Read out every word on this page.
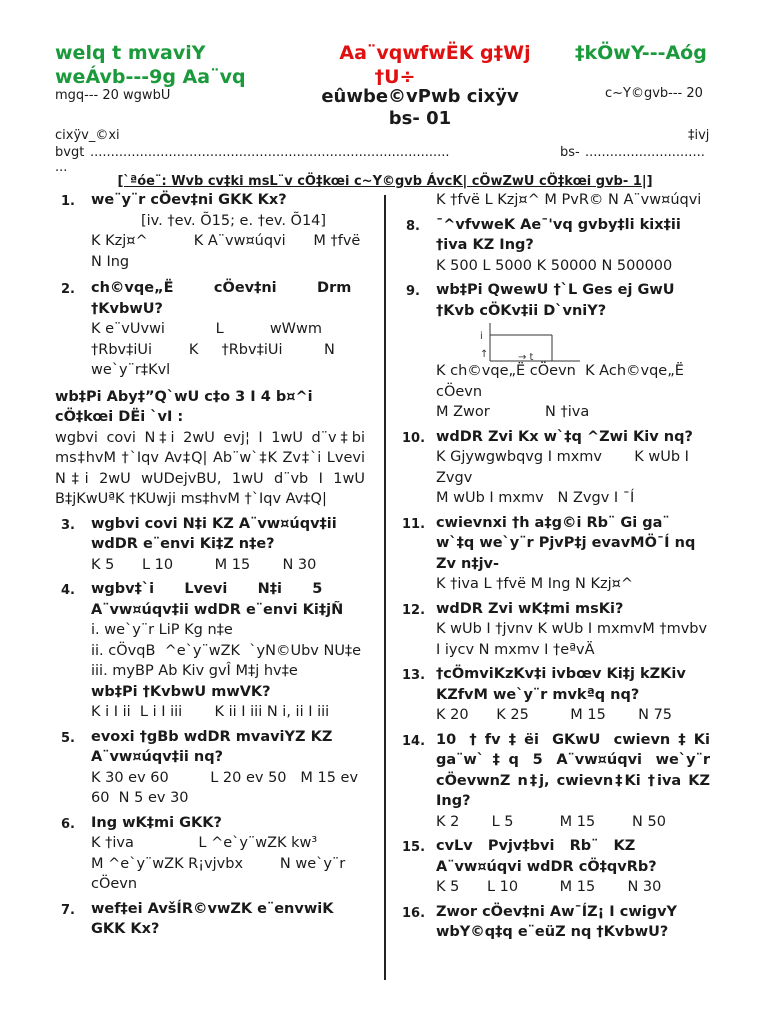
welq t mvaviY
weÁvb---9g Aa¨vq
mgq--- 20 wgwbU
Aa¨vqwfwËK g‡Wj
†U÷
eûwbe©vPwb cixÿv
bs- 01
‡kÖwY---Aóg
c~Y©gvb--- 20
cixÿv_©xi	‡ivj
bvgt .......................................................................................	bs- .............................
...
[`ªóe¨: Wvb cv‡ki msL¨v cÖ‡kœi c~Y©gvb ÁvcK| cÖwZwU cÖ‡kœi gvb- 1|]
1. we¨y¨r cÖev‡ni GKK Kx?
[iv. †ev. Õ15; e. †ev. Õ14]
K Kzj¤^          K A¨vw¤úqvi      M †fvë   N Ing
2. ch©vqe„Ë        cÖev‡ni        Drm †KvbwU?
K e¨vUvwi           L          wWwm †Rbv‡iUi        K     †Rbv‡iUi         N we`y¨r‡Kvl
wb‡Pi Aby‡”Q`wU c‡o 3 I 4 b¤^i cÖ‡kœi DËi `vI :
wgbvi covi N‡i 2wU evj¦ I 1wU d¨v‡bi ms‡hvM †`Iqv Av‡Q| Ab¨w`‡K Zv‡`i Lvevi N‡i 2wU wUDejvBU, 1wU d¨vb I 1wU B‡jKwUªK †KUwji ms‡hvM †`Iqv Av‡Q|
3. wgbvi covi N‡i KZ A¨vw¤úqv‡ii wdDR e¨envi Ki‡Z n‡e?
K 5      L 10         M 15       N 30
4. wgbv‡`i      Lvevi      N‡i      5 A¨vw¤úqv‡ii wdDR e¨envi Ki‡jÑ
i. we`y¨r LiP Kg n‡e
ii. cÖvqB  ^e`y¨wZK  `yN©Ubv NU‡e
iii. myBP Ab Kiv gvÎ M‡j hv‡e
wb‡Pi †KvbwU mwVK?
K i I ii  L i I iii       K ii I iii N i, ii I iii
5. evoxi †gBb wdDR mvaviYZ KZ A¨vw¤úqv‡ii nq?
K 30 ev 60         L 20 ev 50   M 15 ev 60  N 5 ev 30
6. Ing wK‡mi GKK?
K †iva              L ^e`y¨wZK kw³
M ^e`y¨wZK R¡vjvbx        N we`y¨r cÖevn
7. wef‡ei AvšÍR©vwZK e¨envwiK GKK Kx?
K †fvë L Kzj¤^ M PvR© N A¨vw¤úqvi
8. ¯^vfvweK Ae¯'vq gvby‡li kix‡ii †iva KZ Ing?
K 500 L 5000 K 50000 N 500000
9. wb‡Pi QwewU †`L Ges ej GwU †Kvb cÖKv‡ii D`vniY?
i
↑	→ t
K ch©vqe„Ë cÖevn  K Ach©vqe„Ë cÖevn
M Zwor            N †iva
10. wdDR Zvi Kx w`‡q ^Zwi Kiv nq?
K Gjywgwbqvg I mxmv       K wUb I Zvgv
M wUb I mxmv   N Zvgv I ¯Í
11. cwievnxi †h a‡g©i Rb¨ Gi ga¨ w`‡q we`y¨r PjvP‡j evavMÖ¯Í nq Zv n‡jv-
K †iva L †fvë M Ing N Kzj¤^
12. wdDR Zvi wK‡mi msKi?
K wUb I †jvnv K wUb I mxmvM †mvbv I iycv N mxmv I †eªvÄ
13. †cÖmviKzKv‡i ivbœv Ki‡j kZKiv KZfvM we`y¨r mvkªq nq?
K 20      K 25         M 15       N 75
14. 10 †fv‡ëi GKwU cwievn‡Ki ga¨w`‡q 5 A¨vw¤úqvi we`y¨r cÖevwnZ n‡j, cwievn‡Ki †iva KZ Ing?
K 2       L 5          M 15        N 50
15. cvLv   Pvjv‡bvi   Rb¨   KZ A¨vw¤úqvi wdDR cÖ‡qvRb?
K 5      L 10         M 15       N 30
16. Zwor cÖev‡ni Aw¯ÍZ¡ I cwigvY wbY©q‡q e¨eüZ nq †KvbwU?
